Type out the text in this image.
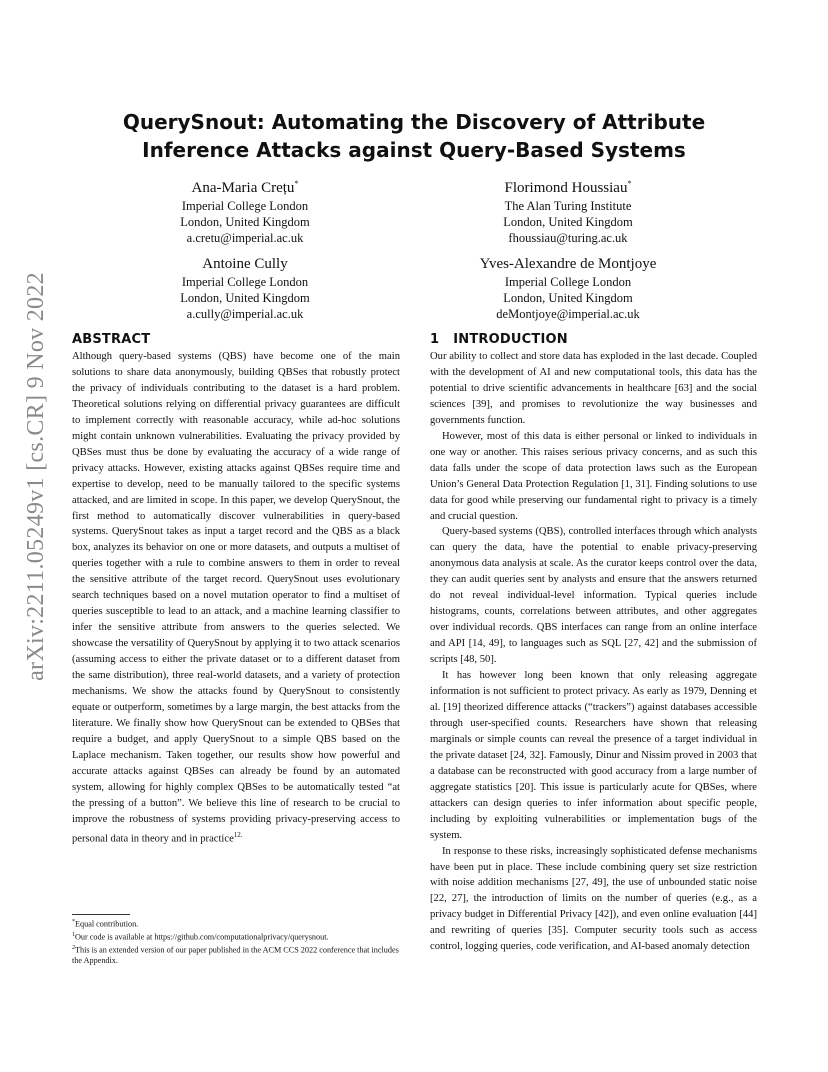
arXiv:2211.05249v1 [cs.CR] 9 Nov 2022
QuerySnout: Automating the Discovery of Attribute Inference Attacks against Query-Based Systems
Ana-Maria Crețu*
Imperial College London
London, United Kingdom
a.cretu@imperial.ac.uk
Florimond Houssiau*
The Alan Turing Institute
London, United Kingdom
fhoussiau@turing.ac.uk
Antoine Cully
Imperial College London
London, United Kingdom
a.cully@imperial.ac.uk
Yves-Alexandre de Montjoye
Imperial College London
London, United Kingdom
deMontjoye@imperial.ac.uk
ABSTRACT	1 INTRODUCTION

Although query-based systems (QBS) have become one of the main solutions to share data anonymously, building QBSes that robustly protect the privacy of individuals contributing to the dataset is a hard problem. Theoretical solutions relying on differential privacy guarantees are difficult to implement correctly with reasonable accuracy, while ad-hoc solutions might contain unknown vulnerabilities. Evaluating the privacy provided by QBSes must thus be done by evaluating the accuracy of a wide range of privacy attacks. However, existing attacks against QBSes require time and expertise to develop, need to be manually tailored to the specific systems attacked, and are limited in scope. In this paper, we develop QuerySnout, the first method to automatically discover vulnerabilities in query-based systems. QuerySnout takes as input a target record and the QBS as a black box, analyzes its behavior on one or more datasets, and outputs a multiset of queries together with a rule to combine answers to them in order to reveal the sensitive attribute of the target record. QuerySnout uses evolutionary search techniques based on a novel mutation operator to find a multiset of queries susceptible to lead to an attack, and a machine learning classifier to infer the sensitive attribute from answers to the queries selected. We showcase the versatility of QuerySnout by applying it to two attack scenarios (assuming access to either the private dataset or to a different dataset from the same distribution), three real-world datasets, and a variety of protection mechanisms. We show the attacks found by QuerySnout to consistently equate or outperform, sometimes by a large margin, the best attacks from the literature. We finally show how QuerySnout can be extended to QBSes that require a budget, and apply QuerySnout to a simple QBS based on the Laplace mechanism. Taken together, our results show how powerful and accurate attacks against QBSes can already be found by an automated system, allowing for highly complex QBSes to be automatically tested “at the pressing of a button”. We believe this line of research to be crucial to improve the robustness of systems providing privacy-preserving access to personal data in theory and in practice$^{12.}$

Our ability to collect and store data has exploded in the last decade. Coupled with the development of AI and new computational tools, this data has the potential to drive scientific advancements in healthcare [63] and the social sciences [39], and promises to revolutionize the way businesses and governments function.

However, most of this data is either personal or linked to individuals in one way or another. This raises serious privacy concerns, and as such this data falls under the scope of data protection laws such as the European Union’s General Data Protection Regulation [1, 31]. Finding solutions to use data for good while preserving our fundamental right to privacy is a timely and crucial question.

Query-based systems (QBS), controlled interfaces through which analysts can query the data, have the potential to enable privacy-preserving anonymous data analysis at scale. As the curator keeps control over the data, they can audit queries sent by analysts and ensure that the answers returned do not reveal individual-level information. Typical queries include histograms, counts, correlations between attributes, and other aggregates over individual records. QBS interfaces can range from an online interface and API [14, 49], to languages such as SQL [27, 42] and the submission of scripts [48, 50].

It has however long been known that only releasing aggregate information is not sufficient to protect privacy. As early as 1979, Denning et al. [19] theorized difference attacks (“trackers”) against databases accessible through user-specified counts. Researchers have shown that releasing marginals or simple counts can reveal the presence of a target individual in the private dataset [24, 32]. Famously, Dinur and Nissim proved in 2003 that a database can be reconstructed with good accuracy from a large number of aggregate statistics [20]. This issue is particularly acute for QBSes, where attackers can design queries to infer information about specific people, including by exploiting vulnerabilities or implementation bugs of the system.

In response to these risks, increasingly sophisticated defense mechanisms have been put in place. These include combining query set size restriction with noise addition mechanisms [27, 49], the use of unbounded static noise [22, 27], the introduction of limits on the number of queries (e.g., as a privacy budget in Differential Privacy [42]), and even online evaluation [44] and rewriting of queries [35]. Computer security tools such as access control, logging queries, code verification, and AI-based anomaly detection

*Equal contribution.
$^1$Our code is available at https://github.com/computationalprivacy/querysnout.
$^2$This is an extended version of our paper published in the ACM CCS 2022 conference that includes the Appendix.
